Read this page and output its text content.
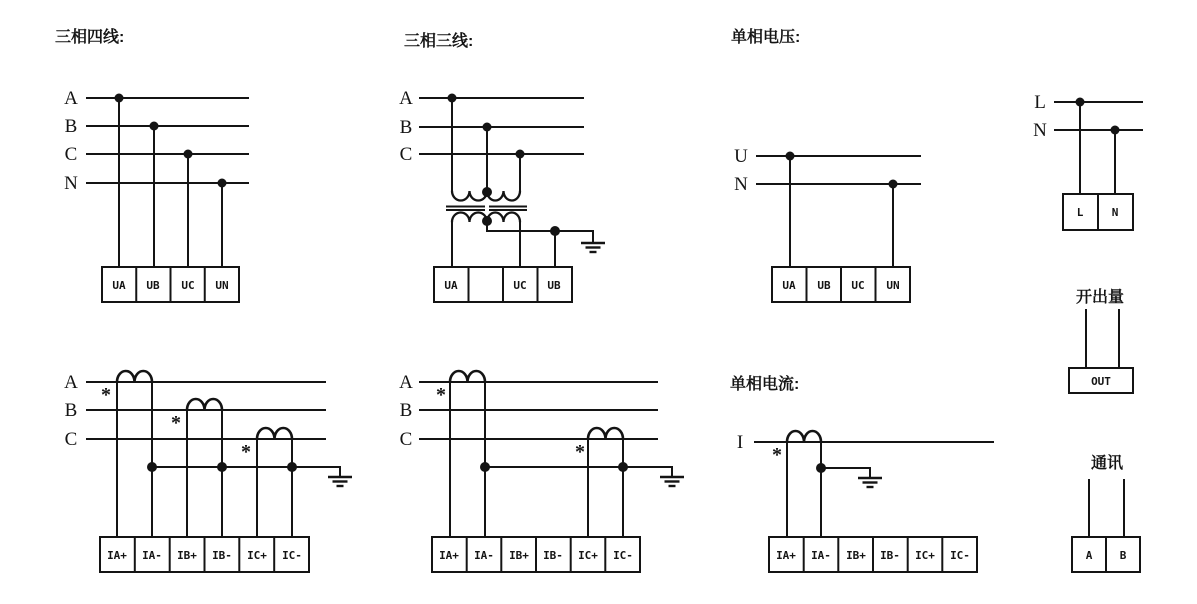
三相四线:
A
B
C
N
UA UB UC UN
三相三线:
A
B
C
UA	UC UB
单相电压:
U
N
UA UB UC UN
L
N
L	N
开出量
OUT
通讯
A B
A
B
C
*
*
*
IA+ IA- IB+ IB- IC+ IC-
A
B
C
*
*
IA+ IA- IB+ IB- IC+ IC-
单相电流:
I
*
IA+ IA- IB+ IB- IC+ IC-
